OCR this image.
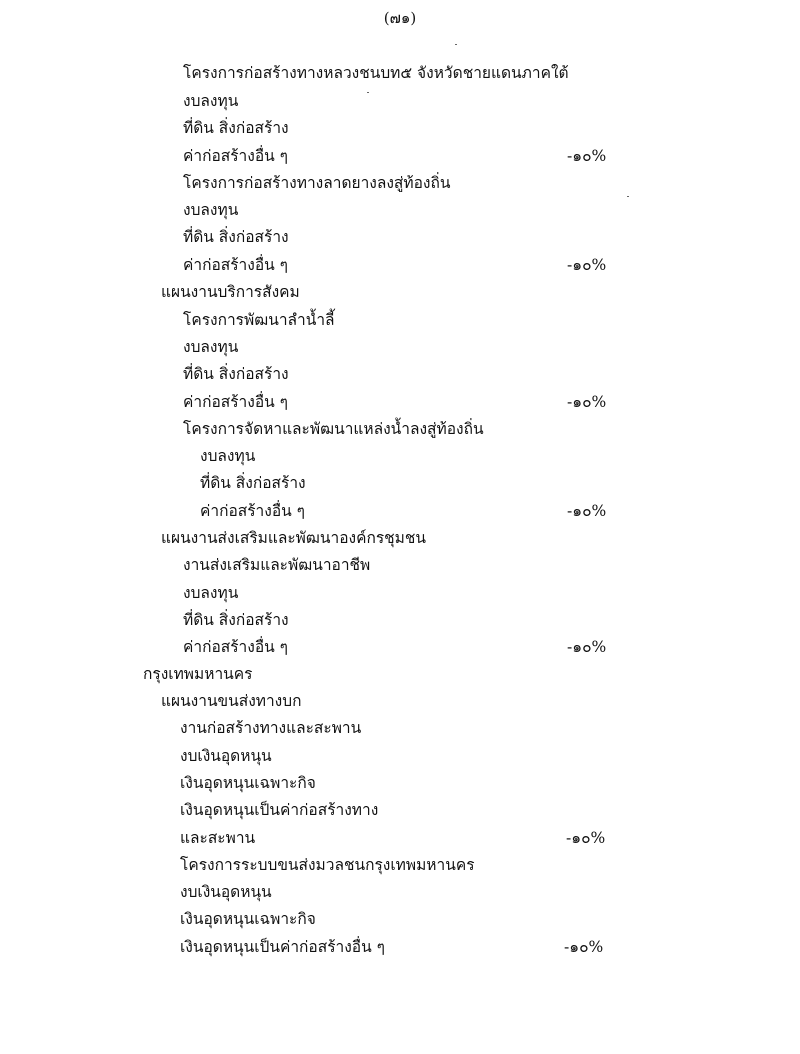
(๗๑)
โครงการก่อสร้างทางหลวงชนบท๕ จังหวัดชายแดนภาคใต้
งบลงทุน
ที่ดิน สิ่งก่อสร้าง
ค่าก่อสร้างอื่น ๆ	-๑๐%
โครงการก่อสร้างทางลาดยางลงสู่ท้องถิ่น
งบลงทุน
ที่ดิน สิ่งก่อสร้าง
ค่าก่อสร้างอื่น ๆ	-๑๐%
แผนงานบริการสังคม
โครงการพัฒนาลำน้ำลี้
งบลงทุน
ที่ดิน สิ่งก่อสร้าง
ค่าก่อสร้างอื่น ๆ	-๑๐%
โครงการจัดหาและพัฒนาแหล่งน้ำลงสู่ท้องถิ่น
งบลงทุน
ที่ดิน สิ่งก่อสร้าง
ค่าก่อสร้างอื่น ๆ	-๑๐%
แผนงานส่งเสริมและพัฒนาองค์กรชุมชน
งานส่งเสริมและพัฒนาอาชีพ
งบลงทุน
ที่ดิน สิ่งก่อสร้าง
ค่าก่อสร้างอื่น ๆ	-๑๐%
กรุงเทพมหานคร
แผนงานขนส่งทางบก
งานก่อสร้างทางและสะพาน
งบเงินอุดหนุน
เงินอุดหนุนเฉพาะกิจ
เงินอุดหนุนเป็นค่าก่อสร้างทาง
และสะพาน	-๑๐%
โครงการระบบขนส่งมวลชนกรุงเทพมหานคร
งบเงินอุดหนุน
เงินอุดหนุนเฉพาะกิจ
เงินอุดหนุนเป็นค่าก่อสร้างอื่น ๆ	-๑๐%
